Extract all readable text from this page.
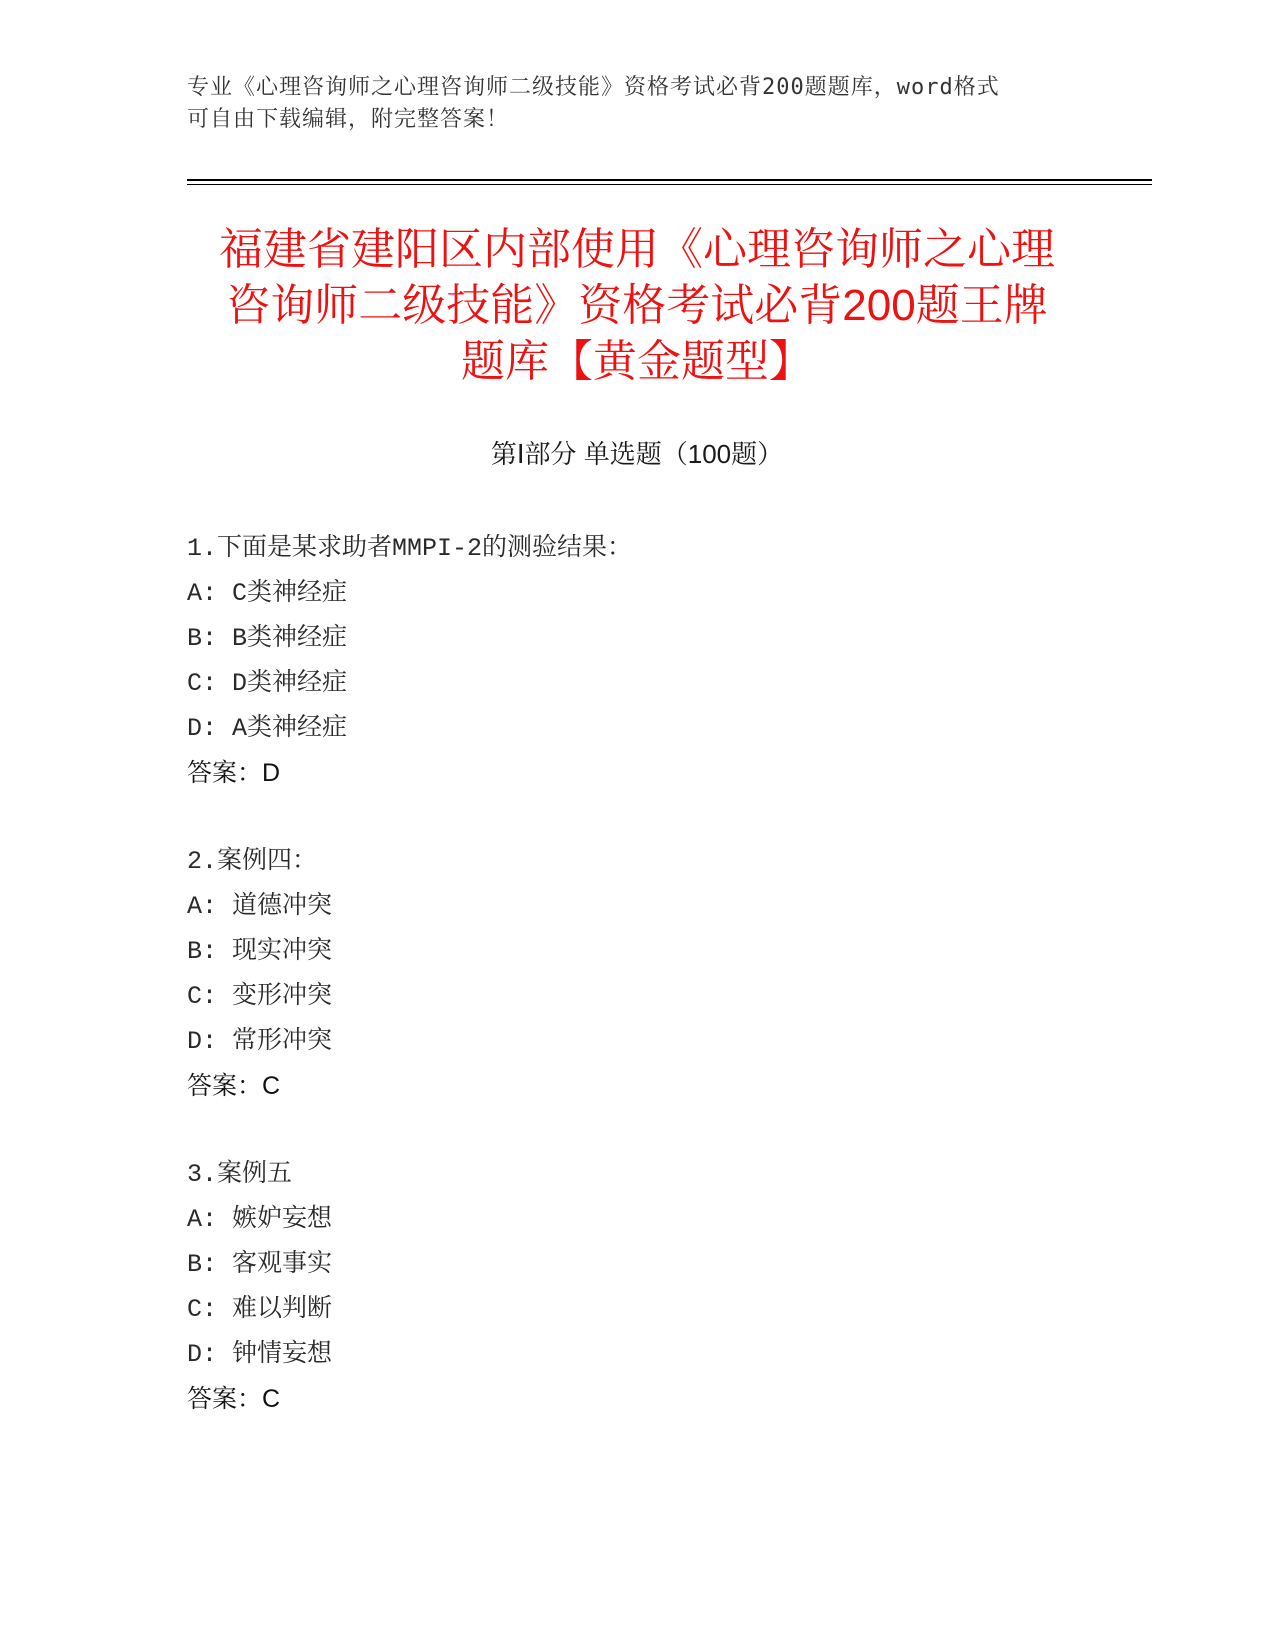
专业《心理咨询师之心理咨询师二级技能》资格考试必背200题题库，word格式
可自由下载编辑，附完整答案！
福建省建阳区内部使用《心理咨询师之心理
咨询师二级技能》资格考试必背200题王牌
题库【黄金题型】
第Ⅰ部分 单选题（100题）
1.下面是某求助者MMPI-2的测验结果：
A: C类神经症
B: B类神经症
C: D类神经症
D: A类神经症
答案：D
2.案例四：
A: 道德冲突
B: 现实冲突
C: 变形冲突
D: 常形冲突
答案：C
3.案例五
A: 嫉妒妄想
B: 客观事实
C: 难以判断
D: 钟情妄想
答案：C
